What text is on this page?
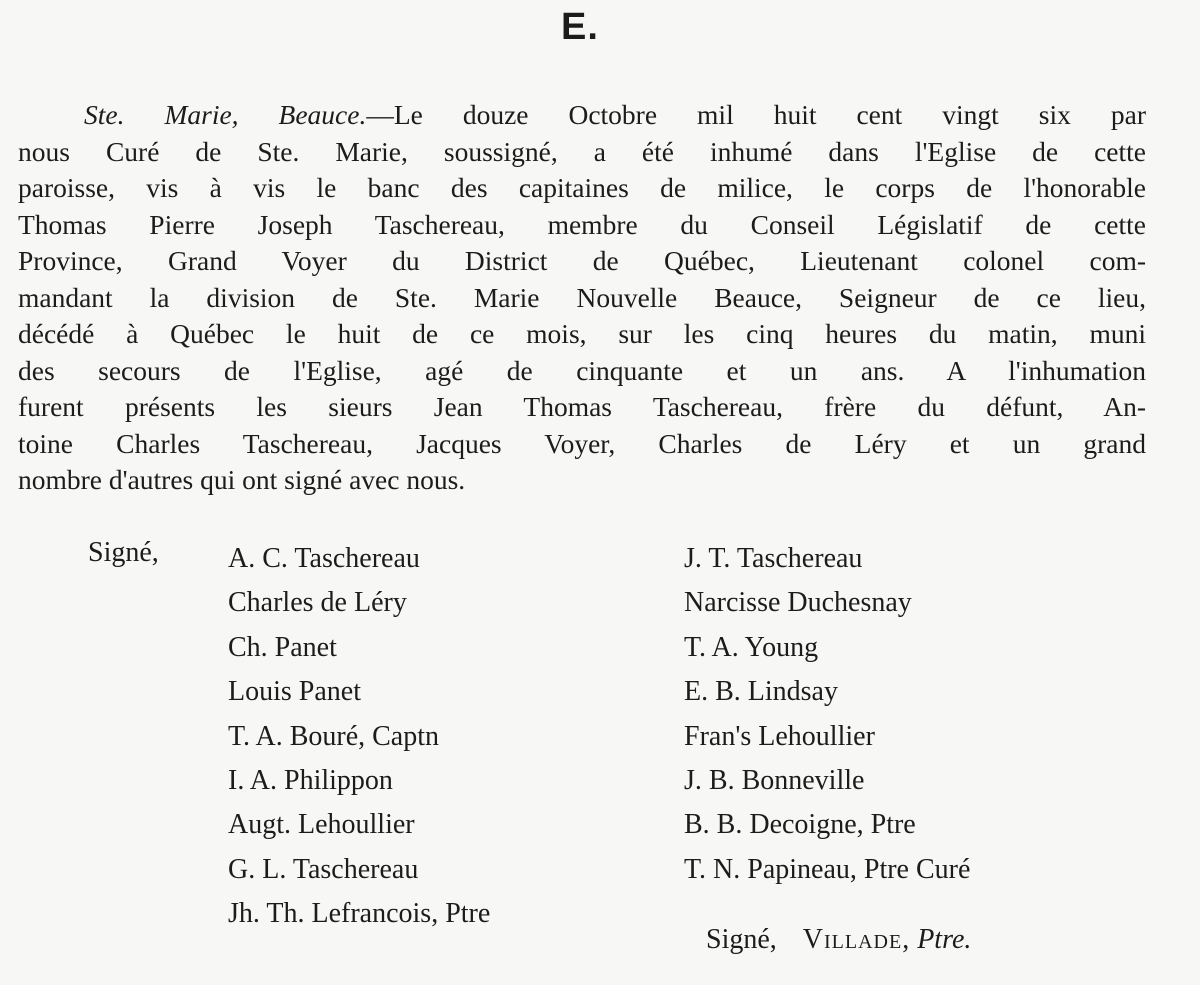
E.

Ste. Marie, Beauce.—Le douze Octobre mil huit cent vingt six par
nous Curé de Ste. Marie, soussigné, a été inhumé dans l'Eglise de cette
paroisse, vis à vis le banc des capitaines de milice, le corps de l'honorable
Thomas Pierre Joseph Taschereau, membre du Conseil Législatif de cette
Province, Grand Voyer du District de Québec, Lieutenant colonel com-
mandant la division de Ste. Marie Nouvelle Beauce, Seigneur de ce lieu,
décédé à Québec le huit de ce mois, sur les cinq heures du matin, muni
des secours de l'Eglise, agé de cinquante et un ans. A l'inhumation
furent présents les sieurs Jean Thomas Taschereau, frère du défunt, An-
toine Charles Taschereau, Jacques Voyer, Charles de Léry et un grand
nombre d'autres qui ont signé avec nous.

Signé, A. C. Taschereau
Charles de Léry
Ch. Panet
Louis Panet
T. A. Bouré, Captn
I. A. Philippon
Augt. Lehoullier
G. L. Taschereau
Jh. Th. Lefrancois, Ptre
J. T. Taschereau
Narcisse Duchesnay
T. A. Young
E. B. Lindsay
Fran's Lehoullier
J. B. Bonneville
B. B. Decoigne, Ptre
T. N. Papineau, Ptre Curé
Signé, Villade, Ptre.
